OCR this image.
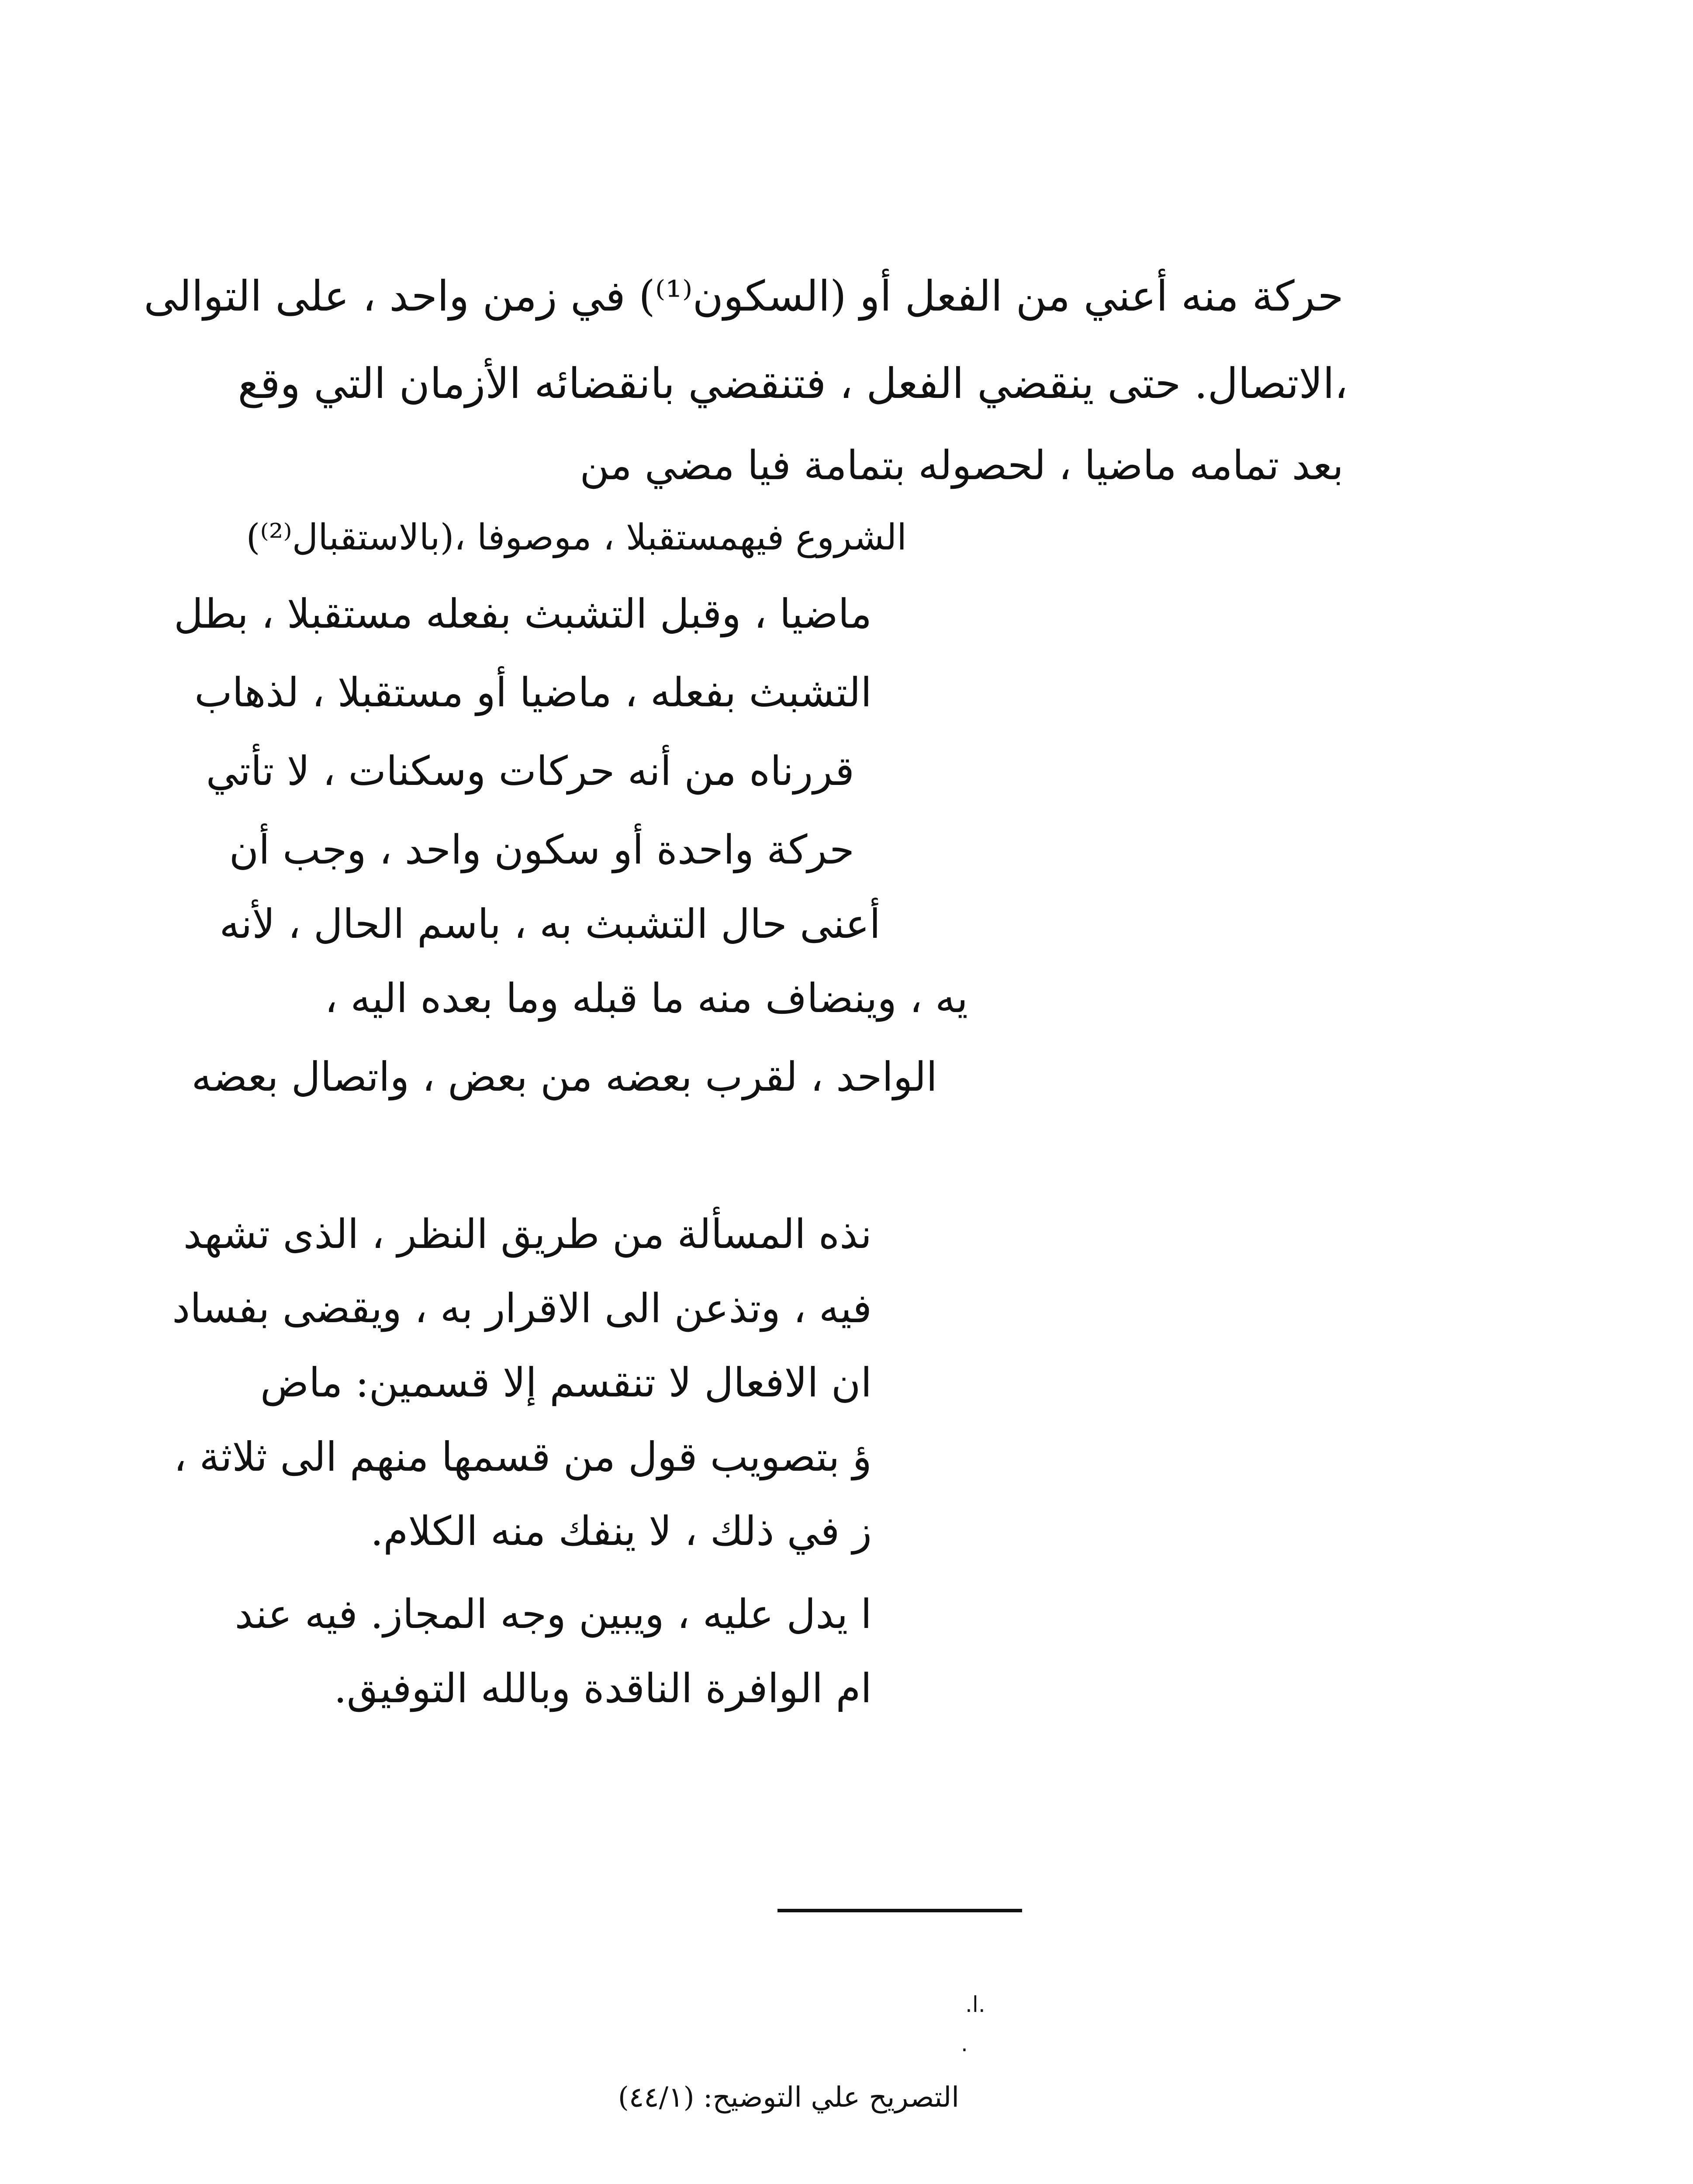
حركة منه أعني من الفعل أو (السكون⁽¹⁾) في زمن واحد ، على التوالى
،الاتصال. حتى ينقضي الفعل ، فتنقضي بانقضائه الأزمان التي وقع
بعد تمامه ماضيا ، لحصوله بتمامة فيا مضي من
الشروع فيهمستقبلا ، موصوفا ،(بالاستقبال⁽²⁾)
ماضيا ، وقبل التشبث بفعله مستقبلا ، بطل
التشبث بفعله ، ماضيا أو مستقبلا ، لذهاب
قررناه من أنه حركات وسكنات ، لا تأتي
حركة واحدة أو سكون واحد ، وجب أن
أعنى حال التشبث به ، باسم الحال ، لأنه
يه ، وينضاف منه ما قبله وما بعده اليه ،
الواحد ، لقرب بعضه من بعض ، واتصال بعضه
نذه المسألة من طريق النظر ، الذى تشهد
فيه ، وتذعن الى الاقرار به ، ويقضى بفساد
ان الافعال لا تنقسم إلا قسمين: ماض
ؤ بتصويب قول من قسمها منهم الى ثلاثة ،
ز في ذلك ، لا ينفك منه الكلام.
ا يدل عليه ، ويبين وجه المجاز. فيه عند
ام الوافرة الناقدة وبالله التوفيق.
.ا.
.
التصريح علي التوضيح: (٤٤/١)
